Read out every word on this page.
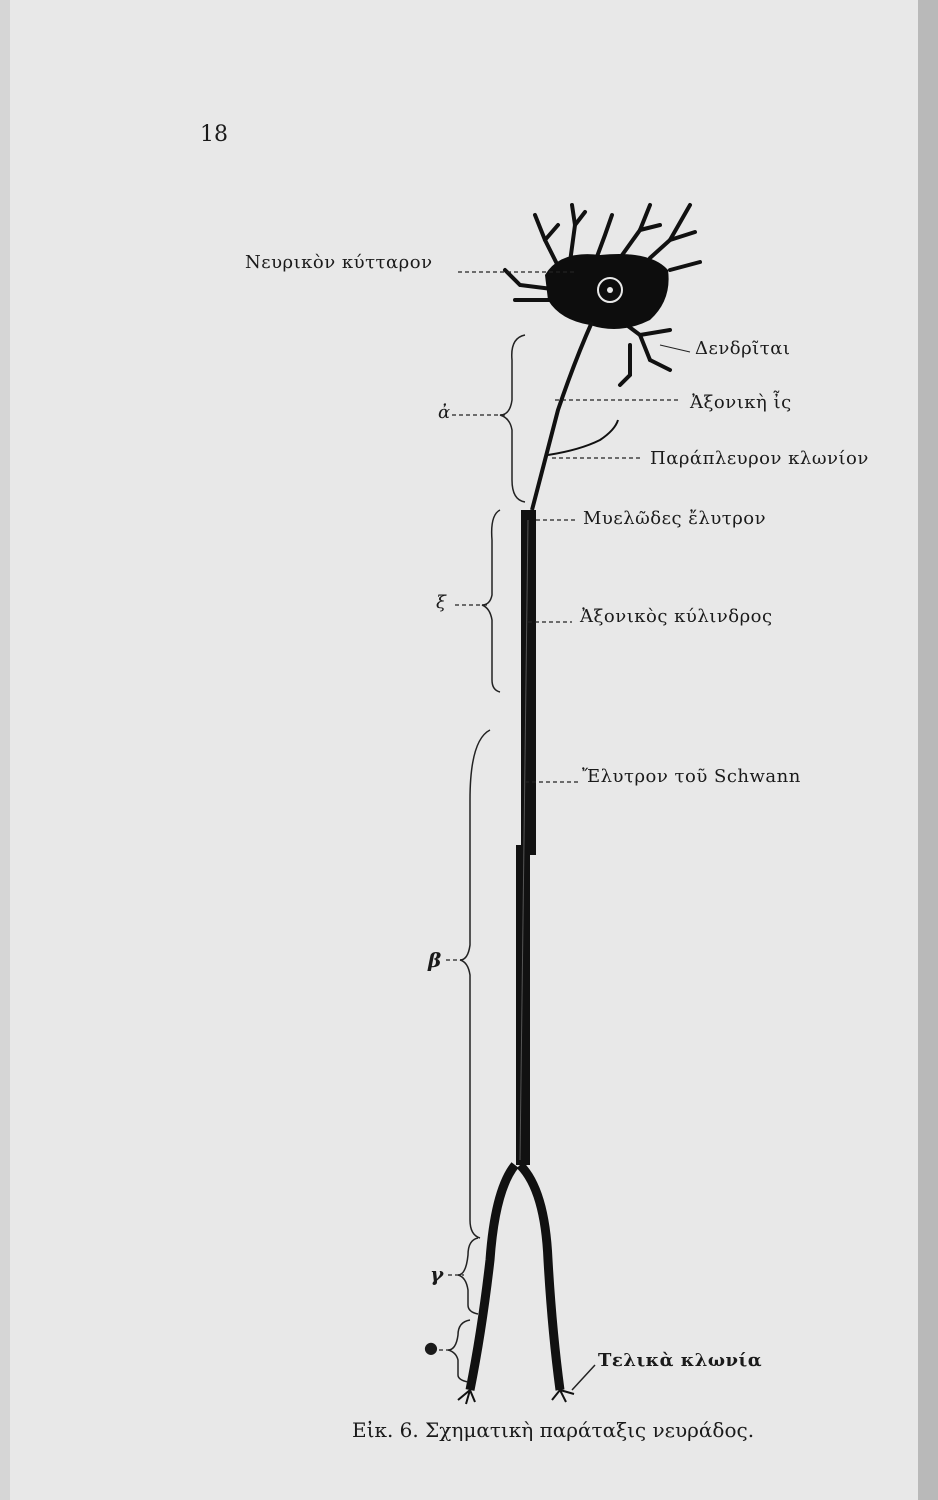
18
Νευρικὸν κύτταρον
Δενδρῖται
Ἀξονικὴ ἶς
Παράπλευρον κλωνίον
Μυελῶδες ἔλυτρον
Ἀξονικὸς κύλινδρος
Ἔλυτρον τοῦ Schwann
Τελικὰ κλωνία
ἀ
ξ
β
γ
●
Εἰκ. 6. Σχηματικὴ παράταξις νευράδος.
